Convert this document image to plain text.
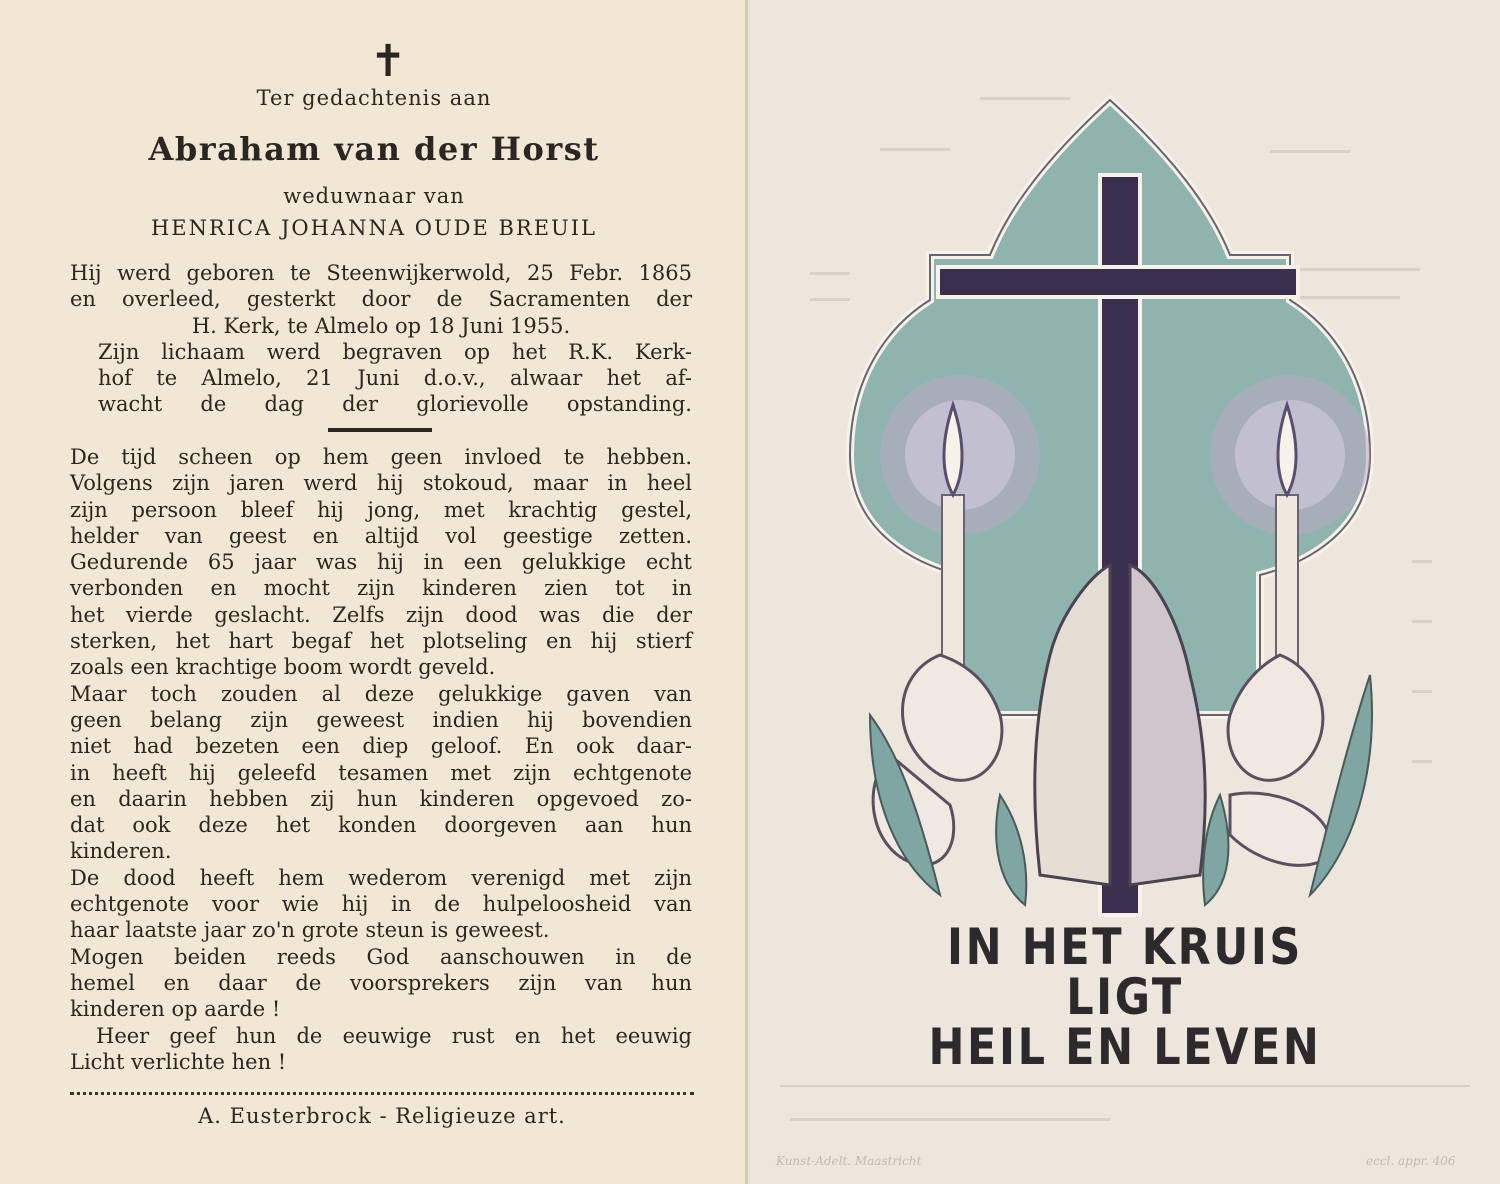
✝
Ter gedachtenis aan
Abraham van der Horst
weduwnaar van
HENRICA JOHANNA OUDE BREUIL
Hij werd geboren te Steenwijkerwold, 25 Febr. 1865
en overleed, gesterkt door de Sacramenten der
H. Kerk, te Almelo op 18 Juni 1955.
Zijn lichaam werd begraven op het R.K. Kerk-
hof te Almelo, 21 Juni d.o.v., alwaar het af-
wacht de dag der glorievolle opstanding.
De tijd scheen op hem geen invloed te hebben.
Volgens zijn jaren werd hij stokoud, maar in heel
zijn persoon bleef hij jong, met krachtig gestel,
helder van geest en altijd vol geestige zetten.
Gedurende 65 jaar was hij in een gelukkige echt
verbonden en mocht zijn kinderen zien tot in
het vierde geslacht. Zelfs zijn dood was die der
sterken, het hart begaf het plotseling en hij stierf
zoals een krachtige boom wordt geveld.
Maar toch zouden al deze gelukkige gaven van
geen belang zijn geweest indien hij bovendien
niet had bezeten een diep geloof. En ook daar-
in heeft hij geleefd tesamen met zijn echtgenote
en daarin hebben zij hun kinderen opgevoed zo-
dat ook deze het konden doorgeven aan hun
kinderen.
De dood heeft hem wederom verenigd met zijn
echtgenote voor wie hij in de hulpeloosheid van
haar laatste jaar zo'n grote steun is geweest.
Mogen beiden reeds God aanschouwen in de
hemel en daar de voorsprekers zijn van hun
kinderen op aarde !
Heer geef hun de eeuwige rust en het eeuwig
Licht verlichte hen !
A. Eusterbrock - Religieuze art.
IN HET KRUIS
LIGT
HEIL EN LEVEN
Kunst-Adelt. Maastricht	eccl. appr. 406
